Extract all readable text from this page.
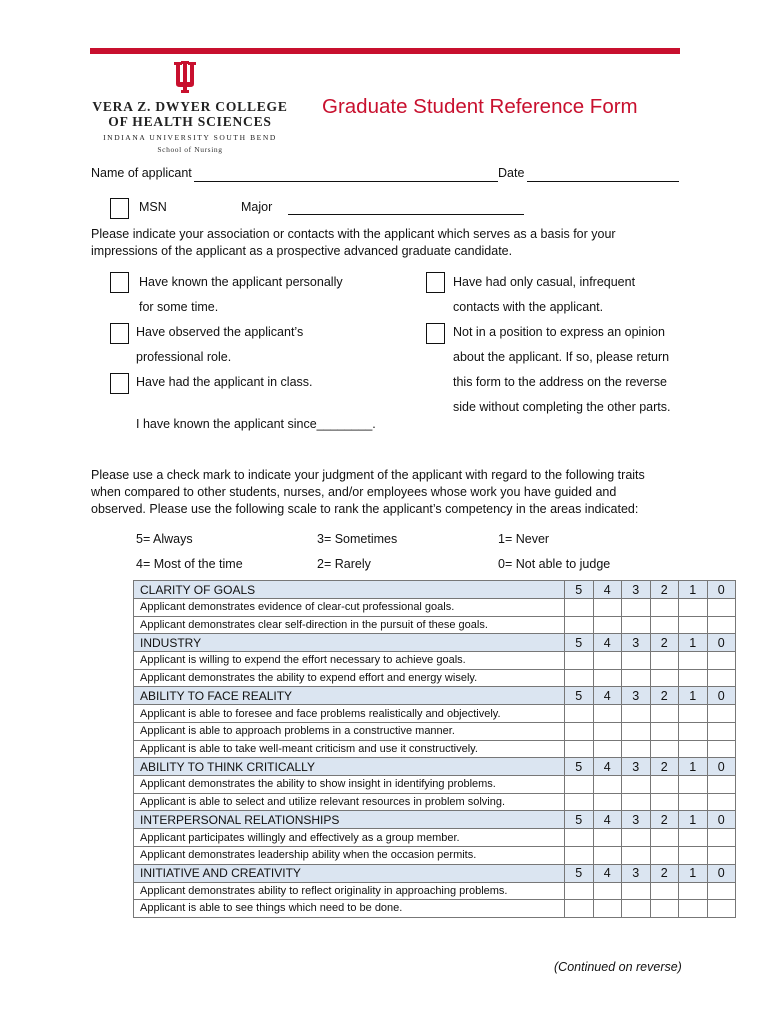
VERA Z. DWYER COLLEGE
OF HEALTH SCIENCES
INDIANA UNIVERSITY SOUTH BEND
School of Nursing
Graduate Student Reference Form
Name of applicant	Date
MSN	Major
Please indicate your association or contacts with the applicant which serves as a basis for your
impressions of the applicant as a prospective advanced graduate candidate.
Have known the applicant personally
for some time.
Have observed the applicant’s
professional role.
Have had the applicant in class.
Have had only casual, infrequent
contacts with the applicant.
Not in a position to express an opinion
about the applicant. If so, please return
this form to the address on the reverse
side without completing the other parts.
I have known the applicant since________.
Please use a check mark to indicate your judgment of the applicant with regard to the following traits
when compared to other students, nurses, and/or employees whose work you have guided and
observed. Please use the following scale to rank the applicant’s competency in the areas indicated:
5= Always	3= Sometimes	1= Never
4= Most of the time	2= Rarely	0= Not able to judge
CLARITY OF GOALS	5	4	3	2	1	0
Applicant demonstrates evidence of clear-cut professional goals.						
Applicant demonstrates clear self-direction in the pursuit of these goals.						
INDUSTRY	5	4	3	2	1	0
Applicant is willing to expend the effort necessary to achieve goals.						
Applicant demonstrates the ability to expend effort and energy wisely.						
ABILITY TO FACE REALITY	5	4	3	2	1	0
Applicant is able to foresee and face problems realistically and objectively.						
Applicant is able to approach problems in a constructive manner.						
Applicant is able to take well-meant criticism and use it constructively.						
ABILITY TO THINK CRITICALLY	5	4	3	2	1	0
Applicant demonstrates the ability to show insight in identifying problems.						
Applicant is able to select and utilize relevant resources in problem solving.						
INTERPERSONAL RELATIONSHIPS	5	4	3	2	1	0
Applicant participates willingly and effectively as a group member.						
Applicant demonstrates leadership ability when the occasion permits.						
INITIATIVE AND CREATIVITY	5	4	3	2	1	0
Applicant demonstrates ability to reflect originality in approaching problems.						
Applicant is able to see things which need to be done.						
(Continued on reverse)
